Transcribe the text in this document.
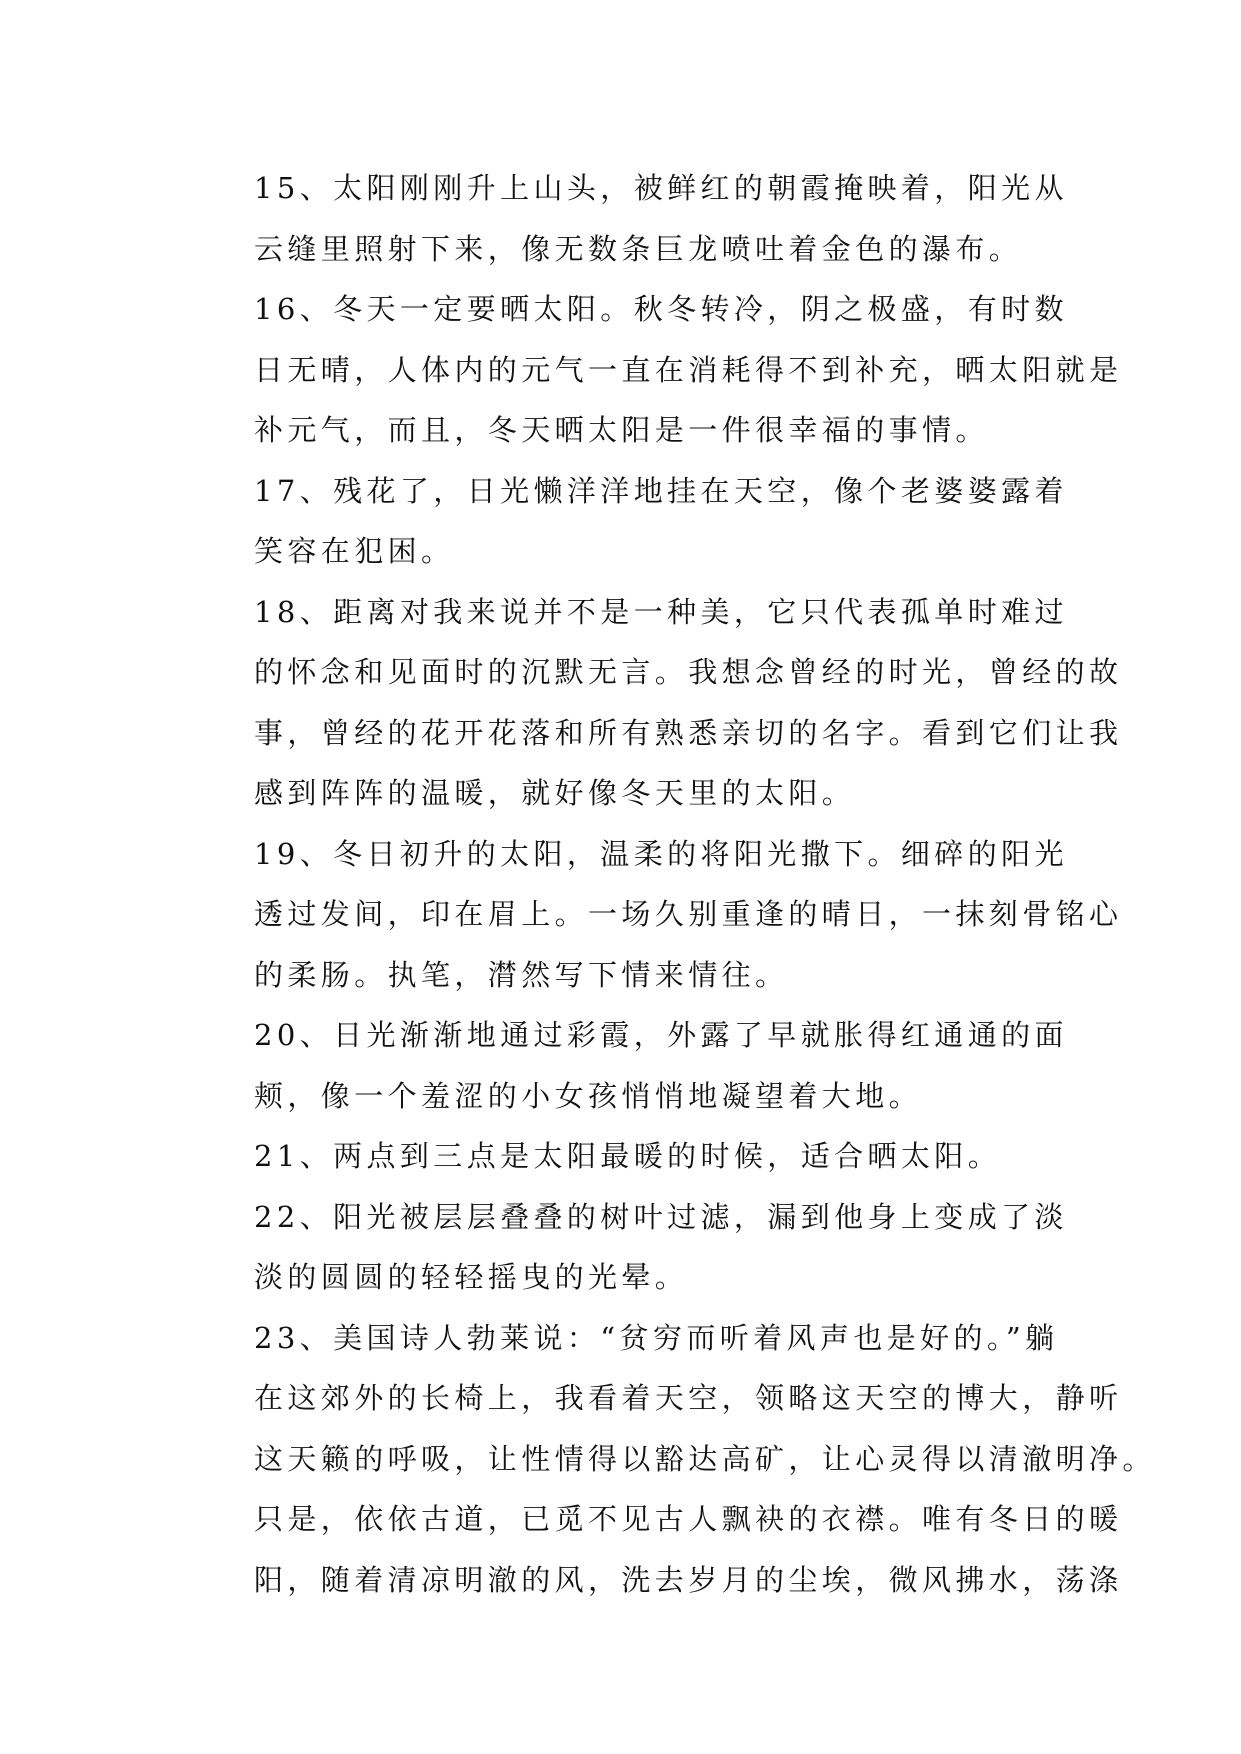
15、太阳刚刚升上山头，被鲜红的朝霞掩映着，阳光从
云缝里照射下来，像无数条巨龙喷吐着金色的瀑布。

16、冬天一定要晒太阳。秋冬转冷，阴之极盛，有时数
日无晴，人体内的元气一直在消耗得不到补充，晒太阳就是
补元气，而且，冬天晒太阳是一件很幸福的事情。

17、残花了，日光懒洋洋地挂在天空，像个老婆婆露着
笑容在犯困。

18、距离对我来说并不是一种美，它只代表孤单时难过
的怀念和见面时的沉默无言。我想念曾经的时光，曾经的故
事，曾经的花开花落和所有熟悉亲切的名字。看到它们让我
感到阵阵的温暖，就好像冬天里的太阳。

19、冬日初升的太阳，温柔的将阳光撒下。细碎的阳光
透过发间，印在眉上。一场久别重逢的晴日，一抹刻骨铭心
的柔肠。执笔，潸然写下情来情往。

20、日光渐渐地通过彩霞，外露了早就胀得红通通的面
颊，像一个羞涩的小女孩悄悄地凝望着大地。

21、两点到三点是太阳最暖的时候，适合晒太阳。

22、阳光被层层叠叠的树叶过滤，漏到他身上变成了淡
淡的圆圆的轻轻摇曳的光晕。

23、美国诗人勃莱说：“贫穷而听着风声也是好的。”躺
在这郊外的长椅上，我看着天空，领略这天空的博大，静听
这天籁的呼吸，让性情得以豁达高矿，让心灵得以清澈明净。
只是，依依古道，已觅不见古人飘袂的衣襟。唯有冬日的暖
阳，随着清凉明澈的风，洗去岁月的尘埃，微风拂水，荡涤
